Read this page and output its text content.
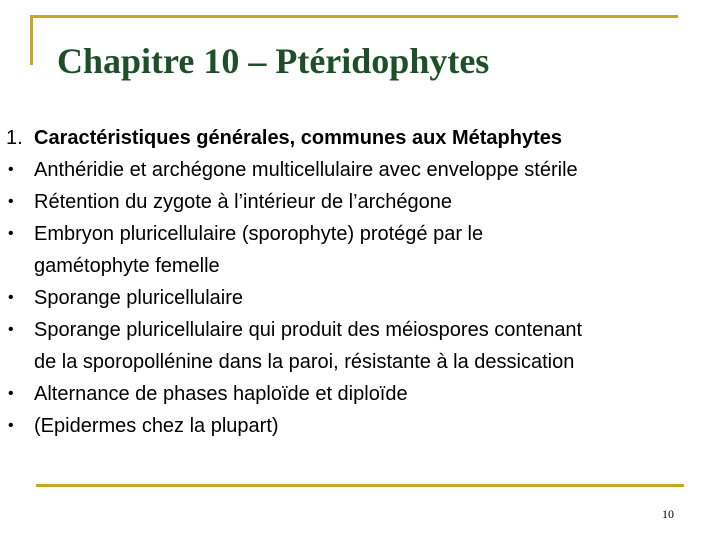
Chapitre 10 – Ptéridophytes
1. Caractéristiques générales, communes aux Métaphytes
•	Anthéridie et archégone multicellulaire avec enveloppe stérile
•	Rétention du zygote à l’intérieur de l’archégone
•	Embryon pluricellulaire (sporophyte) protégé par le
gamétophyte femelle
•	Sporange pluricellulaire
•	Sporange pluricellulaire qui produit des méiospores contenant
de la sporopollénine dans la paroi, résistante à la dessication
•	Alternance de phases haploïde et diploïde
•	(Epidermes chez la plupart)
10
